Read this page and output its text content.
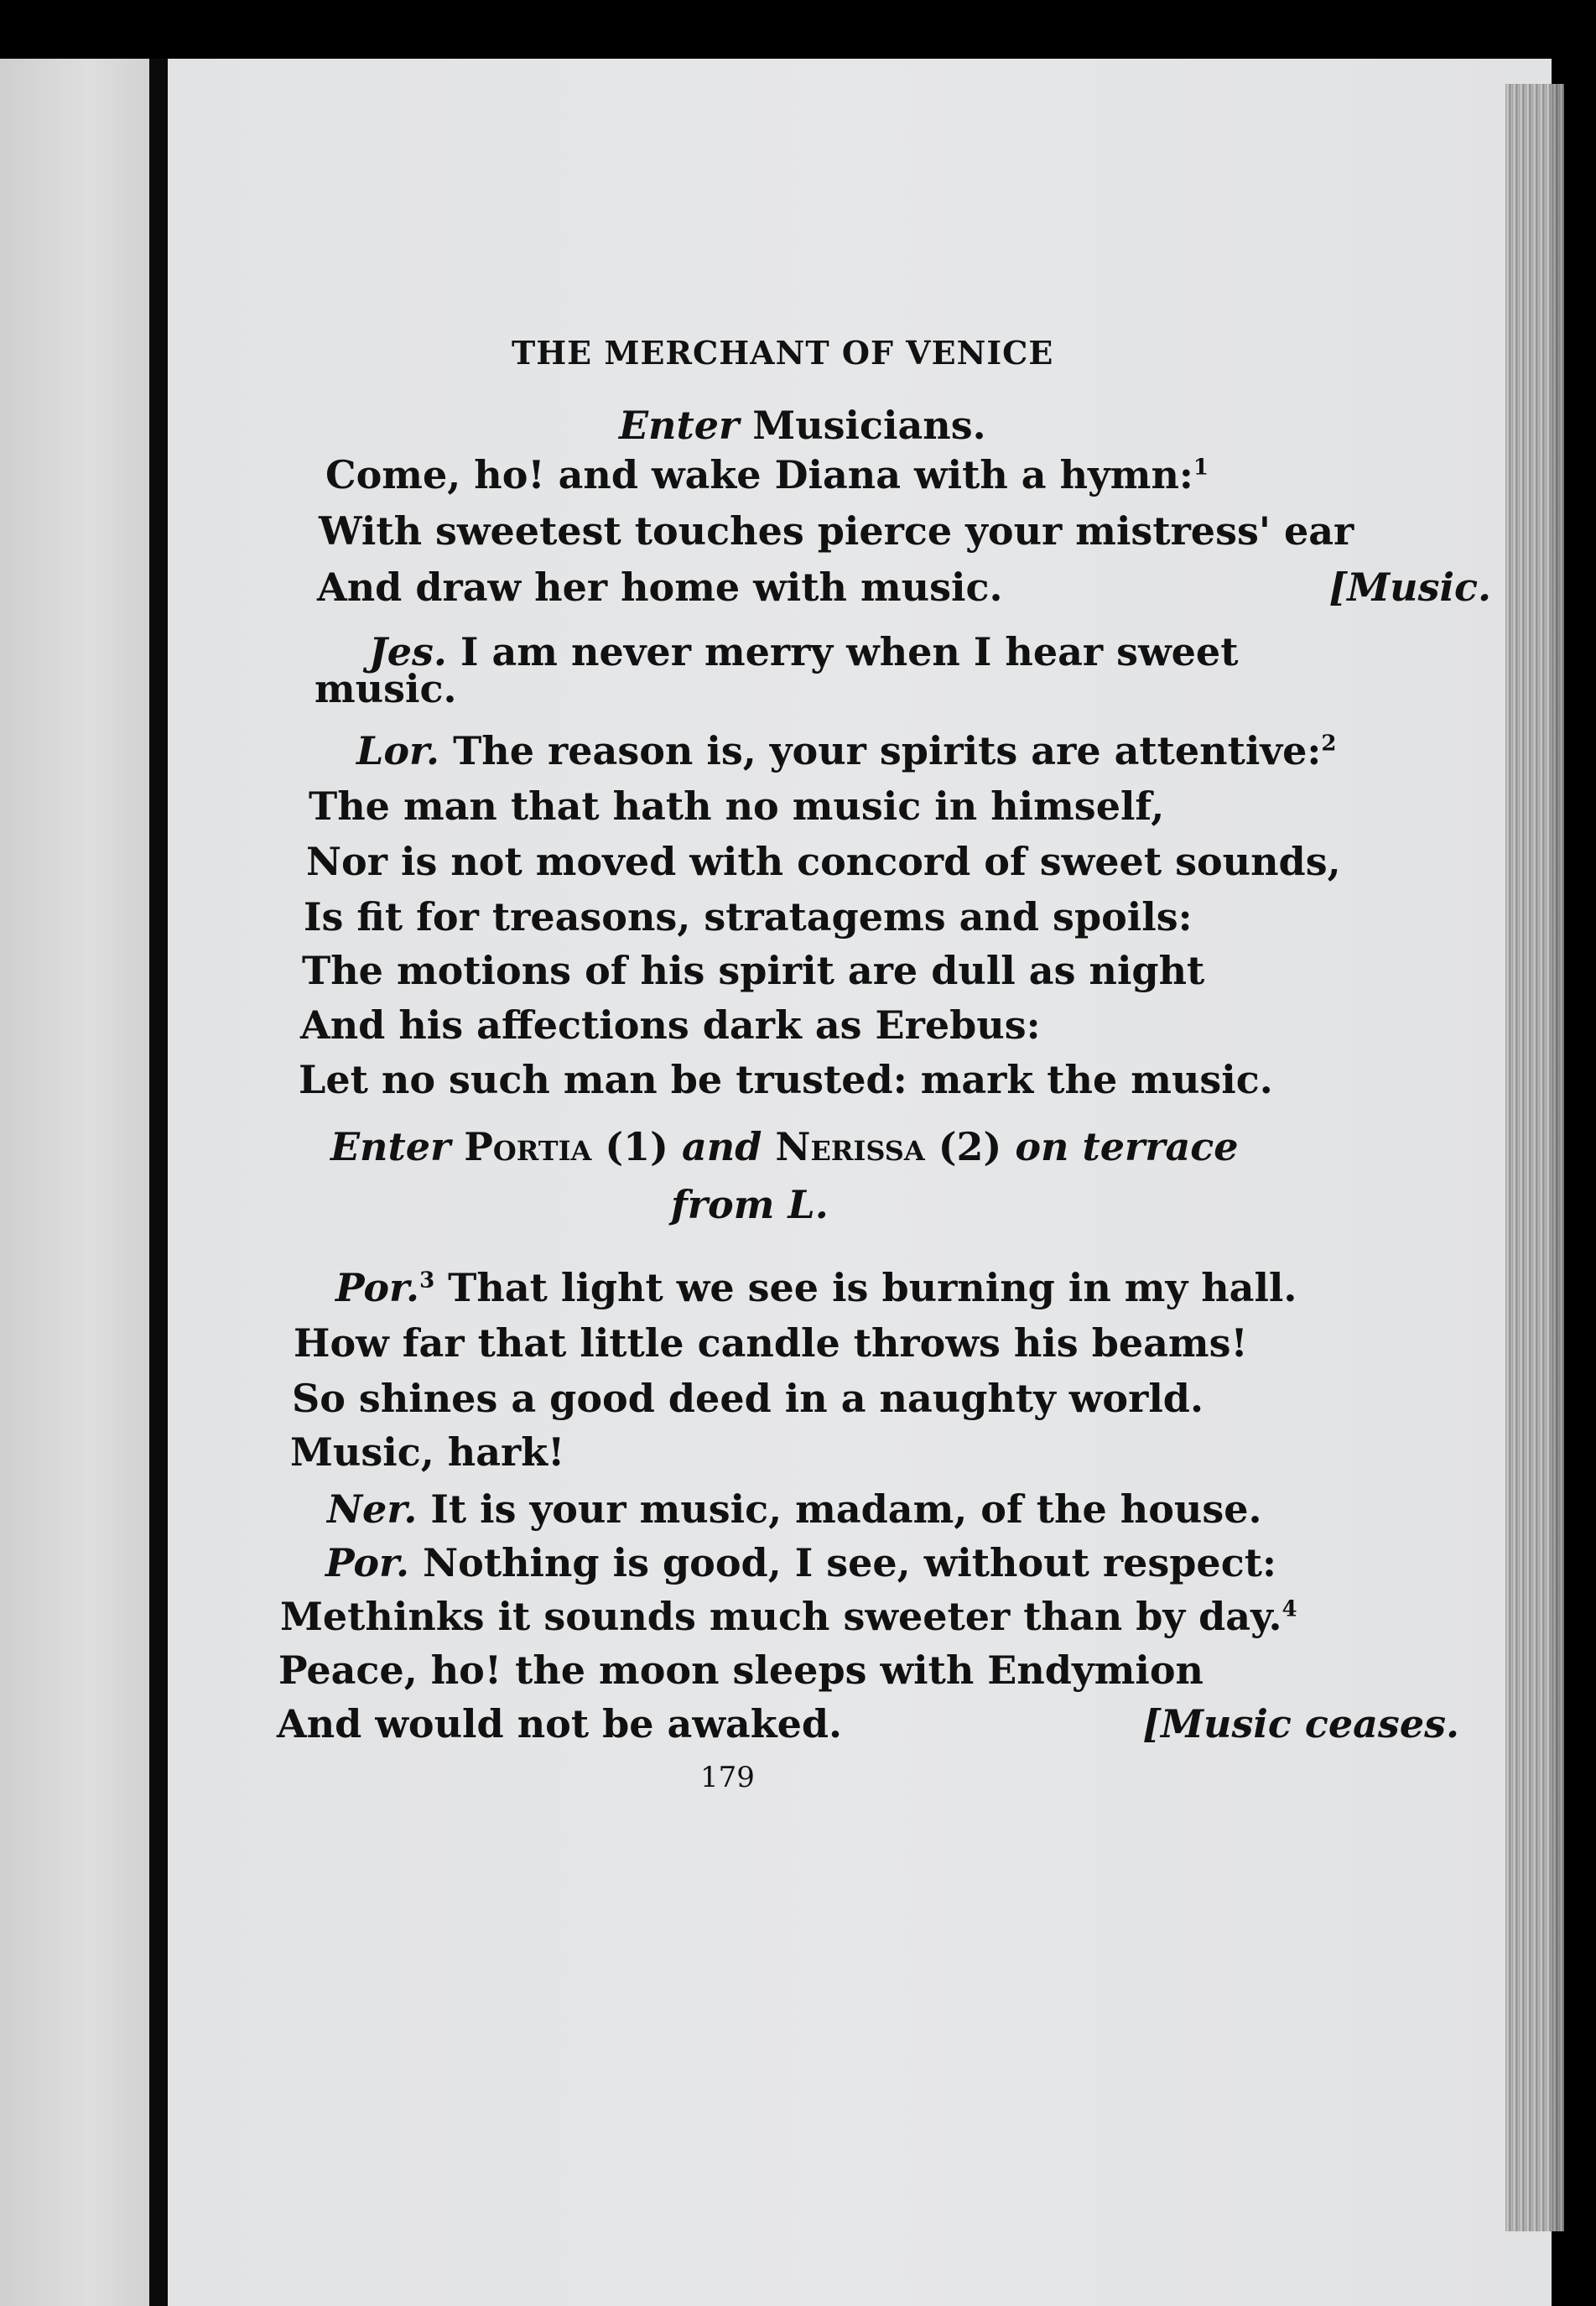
THE MERCHANT OF VENICE
Enter Musicians.
Come, ho! and wake Diana with a hymn:$^1$
With sweetest touches pierce your mistress' ear
And draw her home with music.	[Music.
Jes. I am never merry when I hear sweet
music.
Lor. The reason is, your spirits are attentive:$^2$
The man that hath no music in himself,
Nor is not moved with concord of sweet sounds,
Is fit for treasons, stratagems and spoils:
The motions of his spirit are dull as night
And his affections dark as Erebus:
Let no such man be trusted: mark the music.
Enter Portia (1) and Nerissa (2) on terrace
from L.
Por.$^3$ That light we see is burning in my hall.
How far that little candle throws his beams!
So shines a good deed in a naughty world.
Music, hark!
Ner. It is your music, madam, of the house.
Por. Nothing is good, I see, without respect:
Methinks it sounds much sweeter than by day.$^4$
Peace, ho! the moon sleeps with Endymion
And would not be awaked.	[Music ceases.
179
